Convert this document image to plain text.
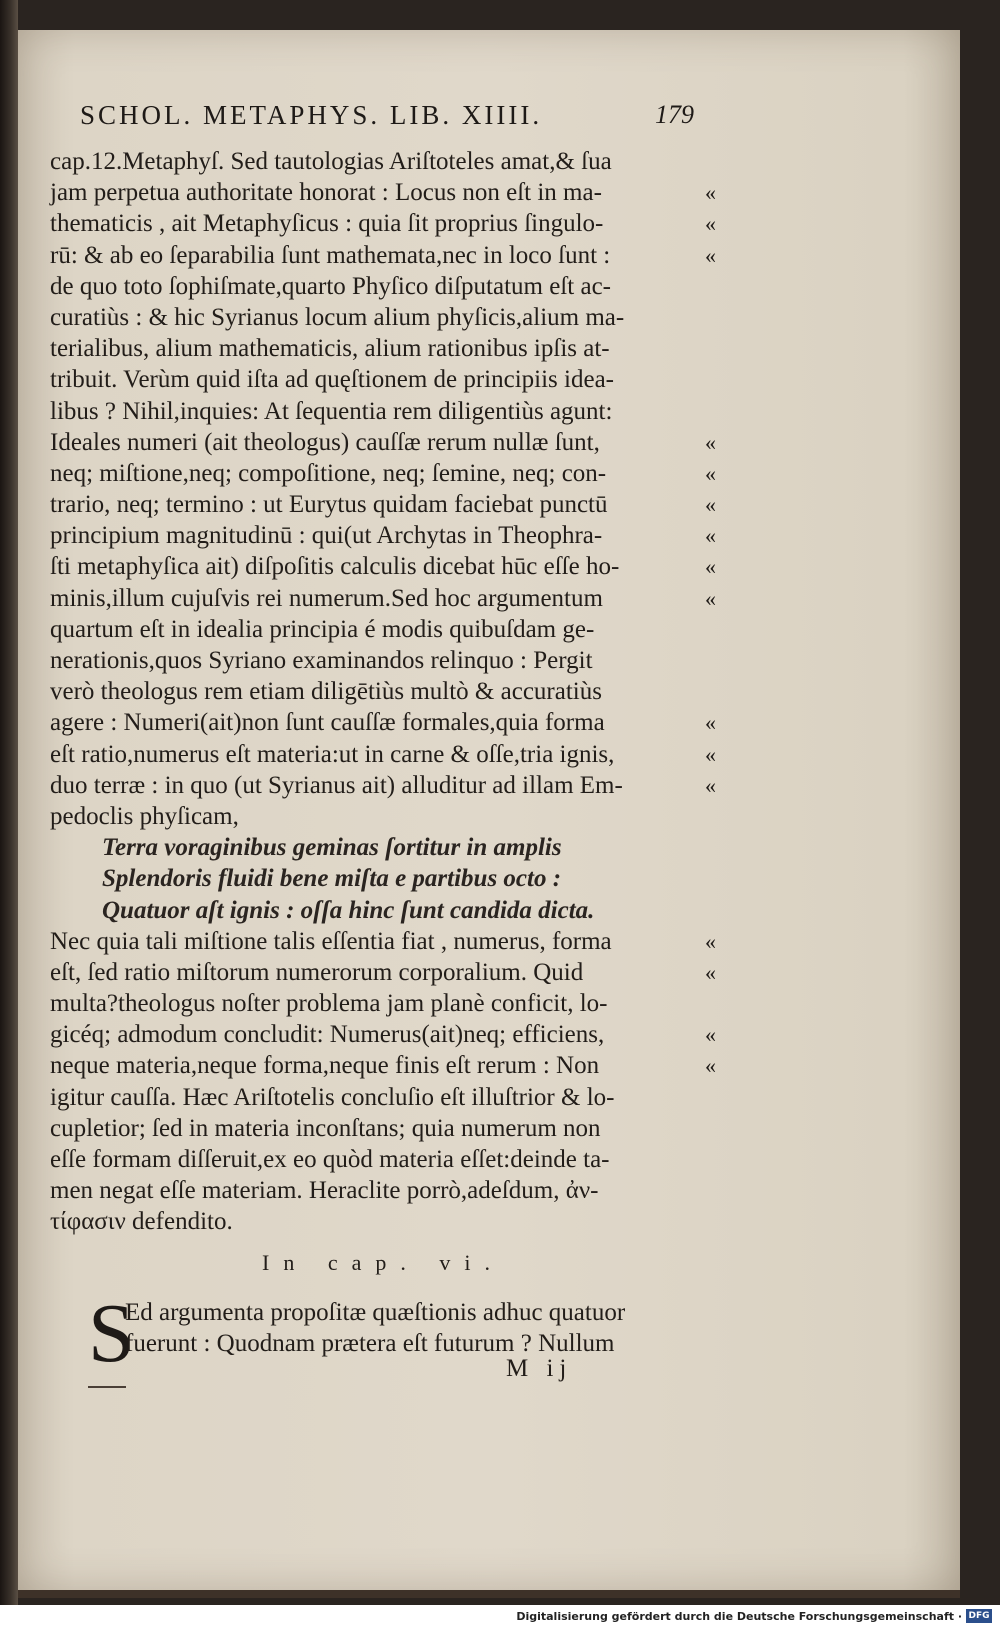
SCHOL. METAPHYS. LIB. XIIII.	179
cap.12.Metaphyſ. Sed tautologias Ariſtoteles amat,& ſua
jam perpetua authoritate honorat : Locus non eſt in ma-
thematicis , ait Metaphyſicus : quia ſit proprius ſingulo-
rū: & ab eo ſeparabilia ſunt mathemata,nec in loco ſunt :
de quo toto ſophiſmate,quarto Phyſico diſputatum eſt ac-
curatiùs : & hic Syrianus locum alium phyſicis,alium ma-
terialibus, alium mathematicis, alium rationibus ipſis at-
tribuit. Verùm quid iſta ad quęſtionem de principiis idea-
libus ? Nihil,inquies: At ſequentia rem diligentiùs agunt:
Ideales numeri (ait theologus) cauſſæ rerum nullæ ſunt,
neq; miſtione,neq; compoſitione, neq; ſemine, neq; con-
trario, neq; termino : ut Eurytus quidam faciebat punctū
principium magnitudinū : qui(ut Archytas in Theophra-
ſti metaphyſica ait) diſpoſitis calculis dicebat hūc eſſe ho-
minis,illum cujuſvis rei numerum.Sed hoc argumentum
quartum eſt in idealia principia é modis quibuſdam ge-
nerationis,quos Syriano examinandos relinquo : Pergit
verò theologus rem etiam diligētiùs multò & accuratiùs
agere : Numeri(ait)non ſunt cauſſæ formales,quia forma
eſt ratio,numerus eſt materia:ut in carne & oſſe,tria ignis,
duo terræ : in quo (ut Syrianus ait) alluditur ad illam Em-
pedoclis phyſicam,
Terra voraginibus geminas ſortitur in amplis
Splendoris fluidi bene miſta e partibus octo :
Quatuor aſt ignis : oſſa hinc ſunt candida dicta.
Nec quia tali miſtione talis eſſentia fiat , numerus, forma
eſt, ſed ratio miſtorum numerorum corporalium. Quid
multa?theologus noſter problema jam planè conficit, lo-
gicéq; admodum concludit: Numerus(ait)neq; efficiens,
neque materia,neque forma,neque finis eſt rerum : Non
igitur cauſſa. Hæc Ariſtotelis concluſio eſt illuſtrior & lo-
cupletior; ſed in materia inconſtans; quia numerum non
eſſe formam diſſeruit,ex eo quòd materia eſſet:deinde ta-
men negat eſſe materiam. Heraclite porrò,adeſdum, ἀν-
τίφασιν defendito.
«
«
«
«
«
«
«
«
«
«
«
«
«
«
«
«
In cap. vi.
S
Ed argumenta propoſitæ quæſtionis adhuc quatuor
fuerunt : Quodnam prætera eſt futurum ? Nullum
M ij
Digitalisierung gefördert durch die Deutsche Forschungsgemeinschaft · DFG
